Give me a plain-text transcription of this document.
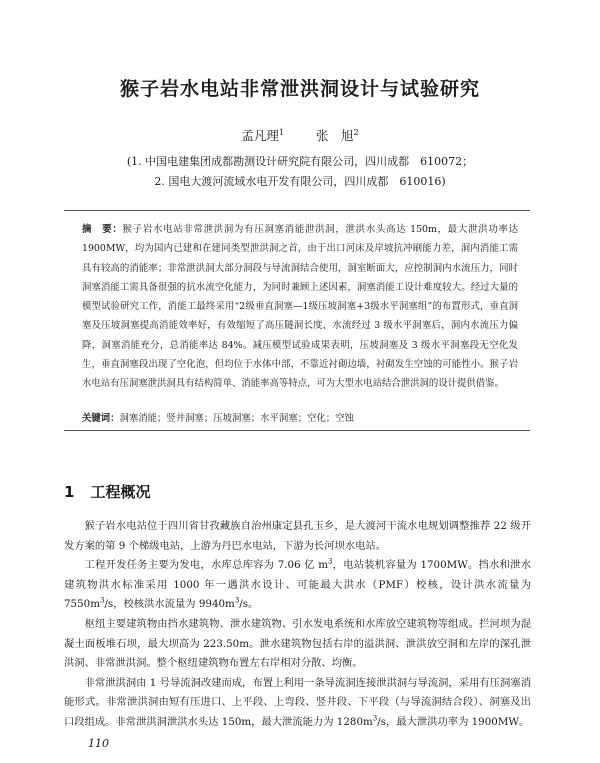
猴子岩水电站非常泄洪洞设计与试验研究
孟凡理$^1$	张　旭$^2$
(1. 中国电建集团成都勘测设计研究院有限公司，四川成都　610072；
2. 国电大渡河流域水电开发有限公司，四川成都　610016)
摘　要：猴子岩水电站非常泄洪洞为有压洞塞消能泄洪洞，泄洪水头高达 150m，最大泄洪功率达 1900MW，均为国内已建和在建同类型泄洪洞之首，由于出口河床及岸坡抗冲刷能力差，洞内消能工需具有较高的消能率；非常泄洪洞大部分洞段与导流洞结合使用，洞室断面大，应控制洞内水流压力，同时洞塞消能工需具备很强的抗水流空化能力，为同时兼顾上述因素，洞塞消能工设计难度较大。经过大量的模型试验研究工作，消能工最终采用“2级垂直洞塞—1级压坡洞塞+3级水平洞塞组”的布置形式，垂直洞塞及压坡洞塞提高消能效率好，有效缩短了高压隧洞长度，水流经过 3 级水平洞塞后，洞内水流压力偏降，洞塞消能充分，总消能率达 84%。减压模型试验成果表明，压坡洞塞及 3 级水平洞塞段无空化发生，垂直洞塞段出现了空化泡，但均位于水体中部，不靠近衬砌边墙，衬砌发生空蚀的可能性小。猴子岩水电站有压洞塞泄洪洞具有结构简单、消能率高等特点，可为大型水电站结合泄洪洞的设计提供借鉴。
关键词：洞塞消能；竖井洞塞；压坡洞塞；水平洞塞；空化；空蚀
1 工程概况

猴子岩水电站位于四川省甘孜藏族自治州康定县孔玉乡，是大渡河干流水电规划调整推荐 22 级开发方案的第 9 个梯级电站，上游为丹巴水电站，下游为长河坝水电站。

工程开发任务主要为发电，水库总库容为 7.06 亿 $m^3$，电站装机容量为 1700MW。挡水和泄水建筑物洪水标准采用 1000 年一遇洪水设计、可能最大洪水（PMF）校核，设计洪水流量为 $7550m^3/s$，校核洪水流量为 $9940m^3/s$。

枢纽主要建筑物由挡水建筑物、泄水建筑物、引水发电系统和水库放空建筑物等组成。拦河坝为混凝土面板堆石坝，最大坝高为 223.50m。泄水建筑物包括右岸的溢洪洞、泄洪放空洞和左岸的深孔泄洪洞、非常泄洪洞。整个枢纽建筑物布置左右岸相对分散、均衡。

非常泄洪洞由 1 号导流洞改建而成，布置上利用一条导流洞连接泄洪洞与导流洞，采用有压洞塞消能形式。非常泄洪洞由短有压进口、上平段、上弯段、竖井段、下平段（与导流洞结合段）、洞塞及出口段组成。非常泄洪洞泄洪水头达 150m，最大泄流能力为 $1280m^3/s$，最大泄洪功率为 1900MW。

110
